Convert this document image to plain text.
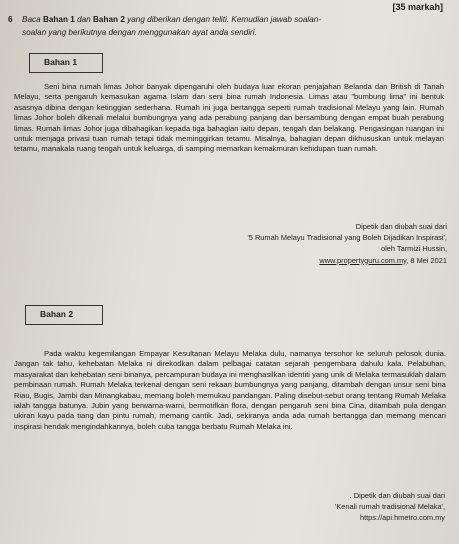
[35 markah]
6 Baca Bahan 1 dan Bahan 2 yang diberikan dengan teliti. Kemudian jawab soalan-
soalan yang berikutnya dengan menggunakan ayat anda sendiri.
Bahan 1
Seni bina rumah limas Johor banyak dipengaruhi oleh budaya luar ekoran penjajahan Belanda dan British di Tanah Melayu, serta pengaruh kemasukan agama Islam dan seni bina rumah Indonesia. Limas atau "bumbung lima" ini bentuk asasnya dibina dengan ketinggian sederhana. Rumah ini juga bertangga seperti rumah tradisional Melayu yang lain. Rumah limas Johor boleh dikenali melalui bumbungnya yang ada perabung panjang dan bersambung dengan empat buah perabung limas. Rumah limas Johor juga dibahagikan kepada tiga bahagian iaitu depan, tengah dan belakang. Pengasingan ruangan ini untuk menjaga privasi tuan rumah tetapi tidak meminggirkan tetamu. Misalnya, bahagian depan dikhususkan untuk melayan tetamu, manakala ruang tengah untuk keluarga, di samping memarkan kemakmuran kehidupan tuan rumah.
Dipetik dan diubah suai dari
'5 Rumah Melayu Tradisional yang Boleh Dijadikan Inspirasi',
oleh Tarmizi Hussin,
www.propertyguru.com.my, 8 Mei 2021
Bahan 2
Pada waktu kegemilangan Empayar Kesultanan Melayu Melaka dulu, namanya tersohor ke seluruh pelosok dunia. Jangan tak tahu, kehebatan Melaka ni direkodkan dalam pelbagai catatan sejarah pengembara dahulu kala. Pelabuhan, masyarakat dan kehebatan seni binanya, percampuran budaya ini menghasilkan identiti yang unik di Melaka termasuklah dalam pembinaan rumah. Rumah Melaka terkenal dengan seni rekaan bumbungnya yang panjang, ditambah dengan unsur seni bina Riau, Bugis, Jambi dan Minangkabau, memang boleh memukau pandangan. Paling disebut-sebut orang tentang Rumah Melaka ialah tangga batunya. Jubin yang berwarna-warni, bermotifkan flora, dengan pengaruh seni bina Cina, ditambah pula dengan ukiran kayu pada tiang dan pintu rumah, memang cantik. Jadi, sekiranya anda ada rumah bertangga dan memang mencari inspirasi hendak mengindahkannya, boleh cuba tangga berbatu Rumah Melaka ini.
. Dipetik dan diubah suai dari
'Kenali rumah tradisional Melaka',
https://api.hmetro.com.my
